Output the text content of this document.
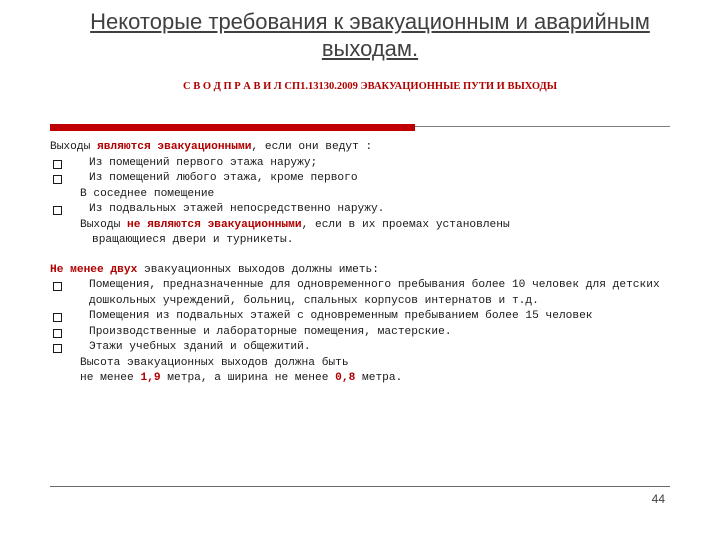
Некоторые требования к эвакуационным и аварийным выходам.
С В О Д П Р А В И Л СП1.13130.2009 ЭВАКУАЦИОННЫЕ ПУТИ И ВЫХОДЫ
Выходы являются эвакуационными, если они ведут :
Из помещений первого этажа наружу;
Из помещений любого этажа, кроме первого
В соседнее помещение
Из подвальных этажей непосредственно наружу.
Выходы не являются эвакуационными, если в их проемах установлены
вращающиеся двери и турникеты.
Не менее двух эвакуационных выходов должны иметь:
Помещения, предназначенные для одновременного пребывания более 10 человек для детских дошкольных учреждений, больниц, спальных корпусов интернатов и т.д.
Помещения из подвальных этажей с одновременным пребыванием более 15 человек
Производственные и лабораторные помещения, мастерские.
Этажи учебных зданий и общежитий.
Высота эвакуационных выходов должна быть
не менее 1,9 метра, а ширина не менее 0,8 метра.
44
